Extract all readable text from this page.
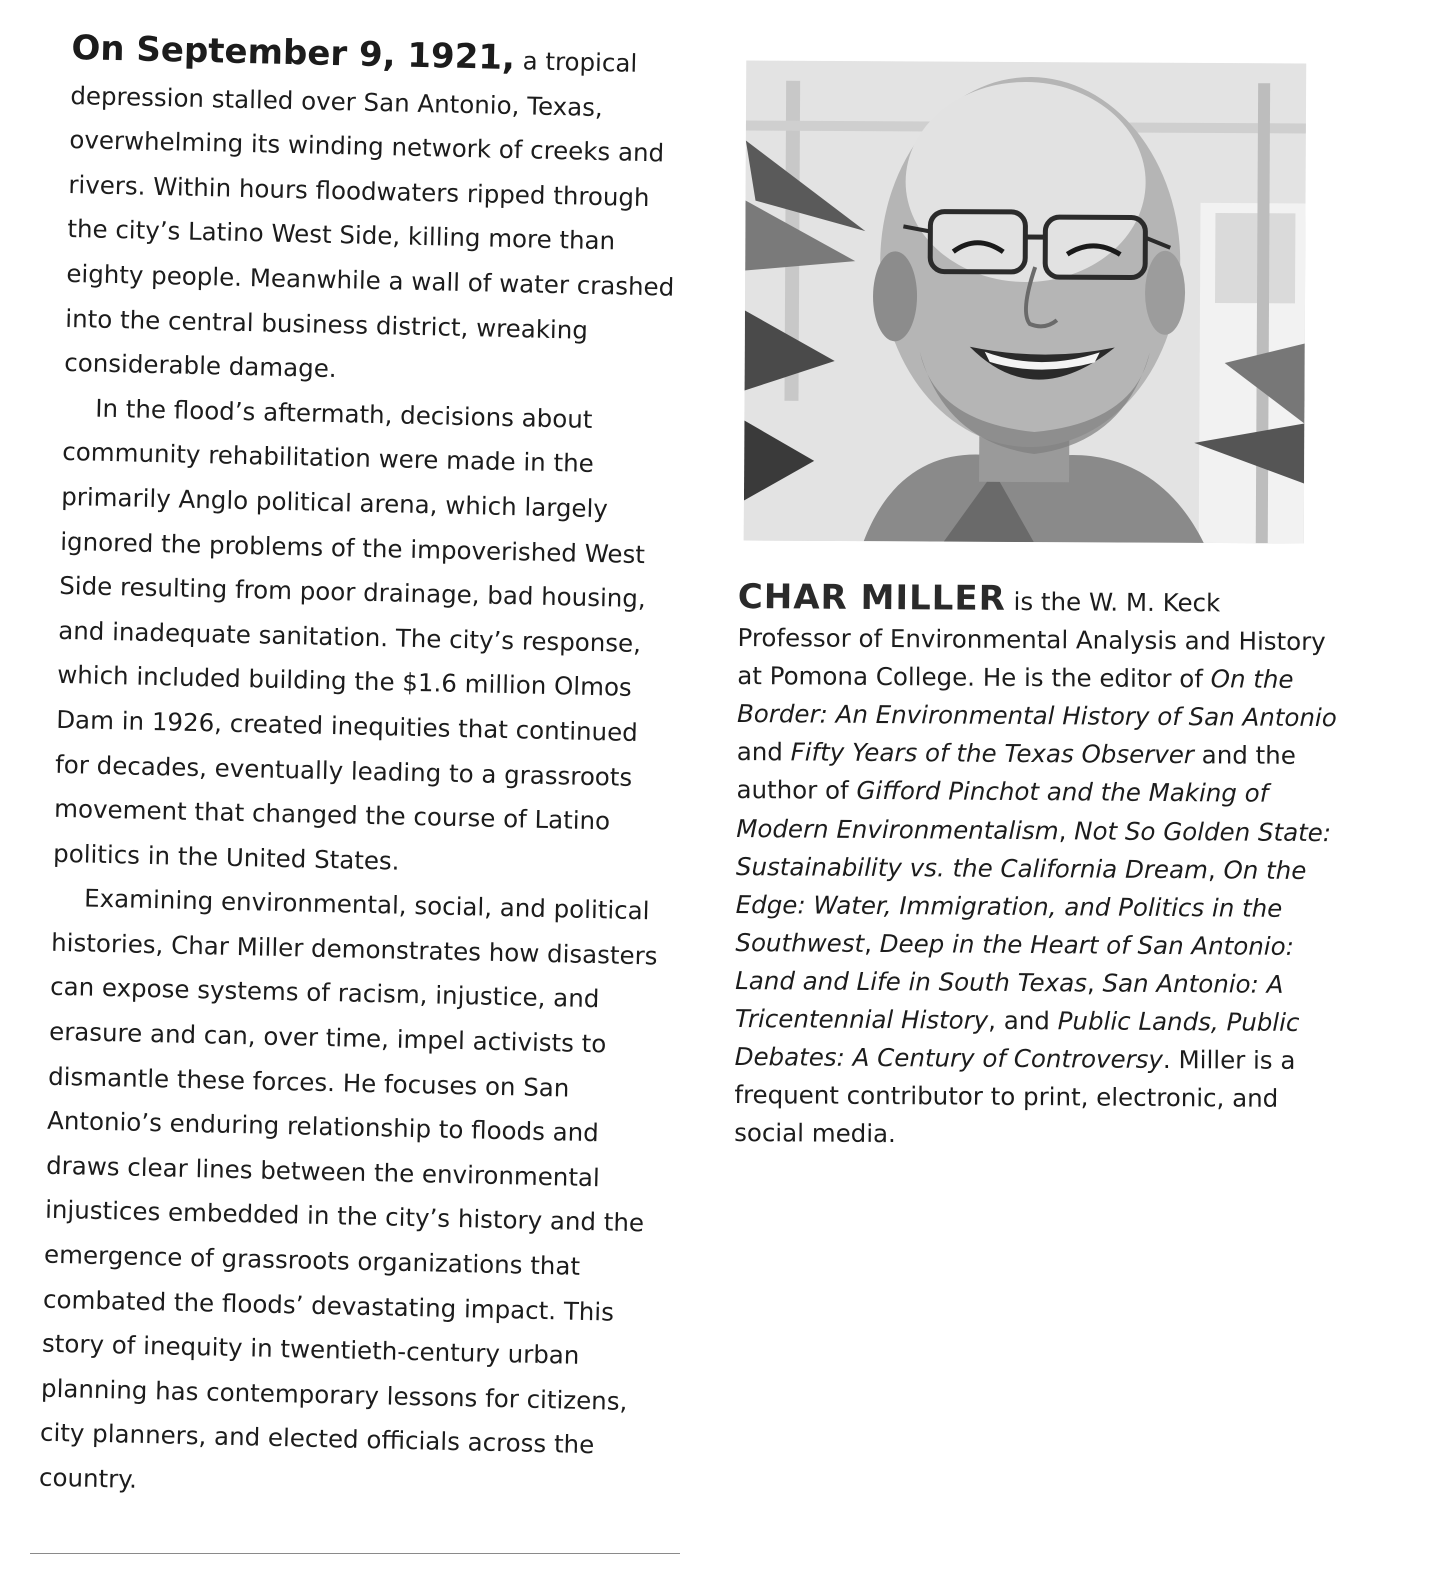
On September 9, 1921, a tropical depression stalled over San Antonio, Texas, overwhelming its winding network of creeks and rivers. Within hours floodwaters ripped through the city’s Latino West Side, killing more than eighty people. Meanwhile a wall of water crashed into the central business district, wreaking considerable damage.

In the flood’s aftermath, decisions about community rehabilitation were made in the primarily Anglo political arena, which largely ignored the problems of the impoverished West Side resulting from poor drainage, bad housing, and inadequate sanitation. The city’s response, which included building the $1.6 million Olmos Dam in 1926, created inequities that continued for decades, eventually leading to a grassroots movement that changed the course of Latino politics in the United States.

Examining environmental, social, and political histories, Char Miller demonstrates how disasters can expose systems of racism, injustice, and erasure and can, over time, impel activists to dismantle these forces. He focuses on San Antonio’s enduring relationship to floods and draws clear lines between the environmental injustices embedded in the city’s history and the emergence of grassroots organizations that combated the floods’ devastating impact. This story of inequity in twentieth-century urban planning has contemporary lessons for citizens, city planners, and elected officials across the country.

CHAR MILLER is the W. M. Keck Professor of Environmental Analysis and History at Pomona College. He is the editor of On the Border: An Environmental History of San Antonio and Fifty Years of the Texas Observer and the author of Gifford Pinchot and the Making of Modern Environmentalism, Not So Golden State: Sustainability vs. the California Dream, On the Edge: Water, Immigration, and Politics in the Southwest, Deep in the Heart of San Antonio: Land and Life in South Texas, San Antonio: A Tricentennial History, and Public Lands, Public Debates: A Century of Controversy. Miller is a frequent contributor to print, electronic, and social media.
